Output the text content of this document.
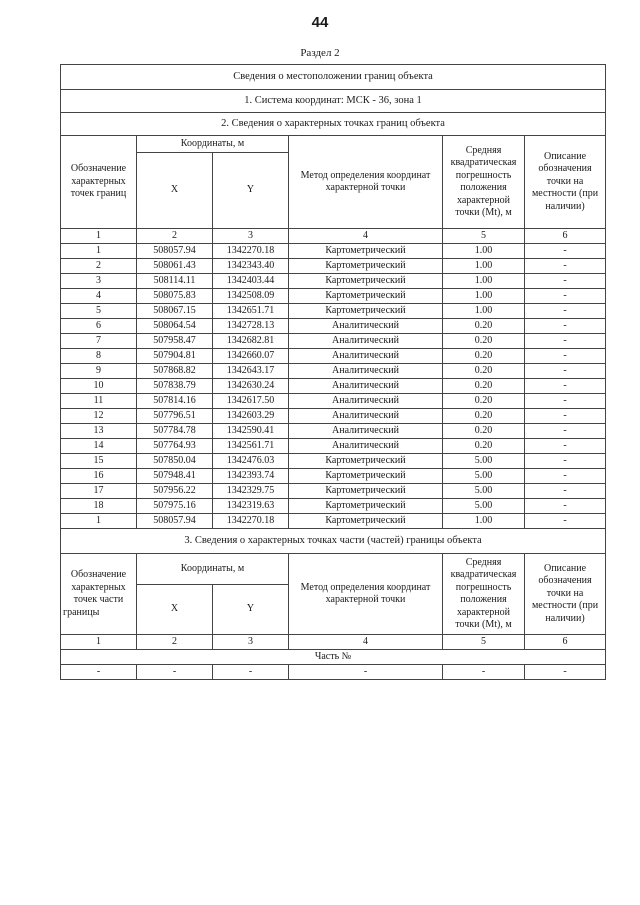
44
Раздел 2
Сведения о местоположении границ объекта					
1. Система координат: МСК - 36, зона 1					
2. Сведения о характерных точках границ объекта					
Обозначение характерных точек границ	Координаты, м		Метод определения координат характерной точки	Средняя квадратическая погрешность положения характерной точки (Мt), м	Описание обозначения точки на местности (при наличии)
	X	Y			
1	2	3	4	5	6
1	508057.94	1342270.18	Картометрический	1.00	-
2	508061.43	1342343.40	Картометрический	1.00	-
3	508114.11	1342403.44	Картометрический	1.00	-
4	508075.83	1342508.09	Картометрический	1.00	-
5	508067.15	1342651.71	Картометрический	1.00	-
6	508064.54	1342728.13	Аналитический	0.20	-
7	507958.47	1342682.81	Аналитический	0.20	-
8	507904.81	1342660.07	Аналитический	0.20	-
9	507868.82	1342643.17	Аналитический	0.20	-
10	507838.79	1342630.24	Аналитический	0.20	-
11	507814.16	1342617.50	Аналитический	0.20	-
12	507796.51	1342603.29	Аналитический	0.20	-
13	507784.78	1342590.41	Аналитический	0.20	-
14	507764.93	1342561.71	Аналитический	0.20	-
15	507850.04	1342476.03	Картометрический	5.00	-
16	507948.41	1342393.74	Картометрический	5.00	-
17	507956.22	1342329.75	Картометрический	5.00	-
18	507975.16	1342319.63	Картометрический	5.00	-
1	508057.94	1342270.18	Картометрический	1.00	-
3. Сведения о характерных точках части (частей) границы объекта					
Обозначение характерных точек части границы	Координаты, м		Метод определения координат характерной точки	Средняя квадратическая погрешность положения характерной точки (Мt), м	Описание обозначения точки на местности (при наличии)
	X	Y			
1	2	3	4	5	6
Часть №					
-	-	-	-	-	-
